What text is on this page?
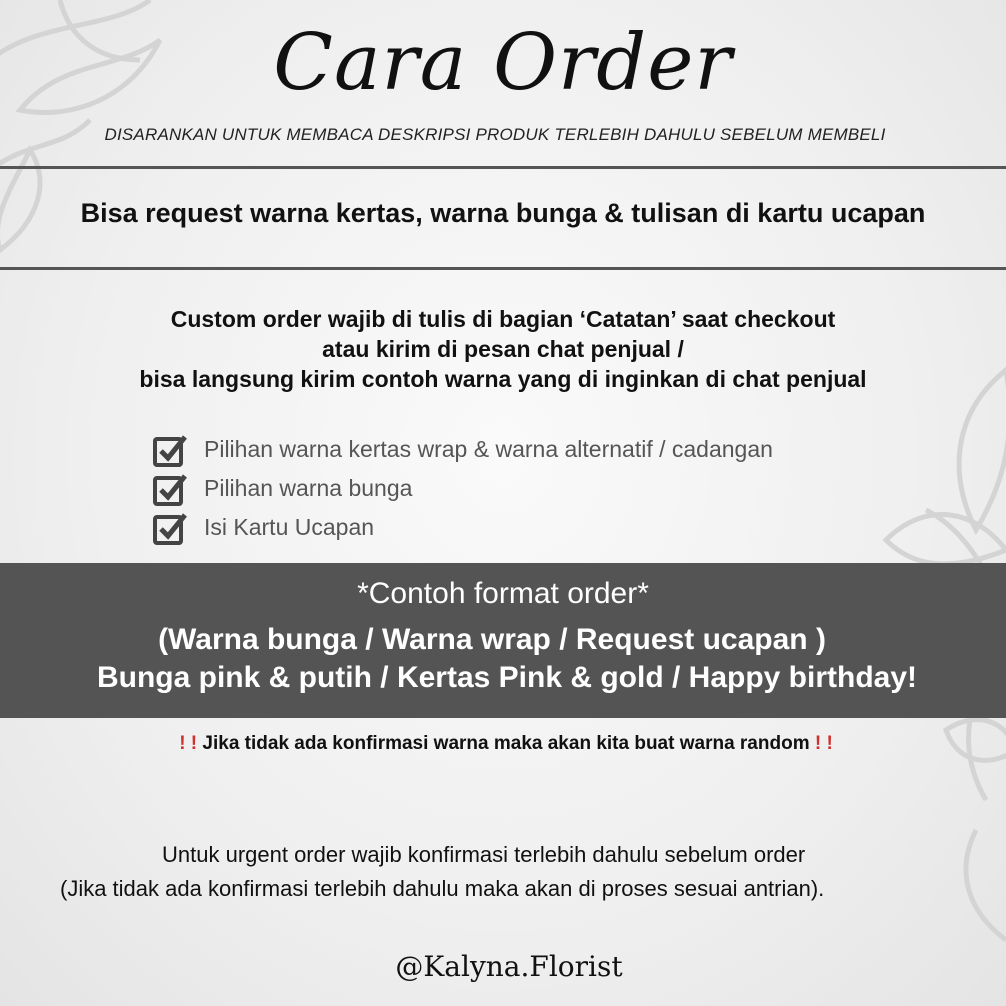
Cara Order
DISARANKAN UNTUK MEMBACA DESKRIPSI PRODUK TERLEBIH DAHULU SEBELUM MEMBELI
Bisa request warna kertas, warna bunga & tulisan di kartu ucapan
Custom order wajib di tulis di bagian ‘Catatan’ saat checkout
atau kirim di pesan chat penjual /
bisa langsung kirim contoh warna yang di inginkan di chat penjual
Pilihan warna kertas wrap & warna alternatif / cadangan
Pilihan warna bunga
Isi Kartu Ucapan
*Contoh format order*
(Warna bunga / Warna wrap / Request ucapan )
Bunga pink & putih / Kertas Pink & gold / Happy birthday!
! ! Jika tidak ada konfirmasi warna maka akan kita buat warna random ! !
Untuk urgent order wajib konfirmasi terlebih dahulu sebelum order
(Jika tidak ada konfirmasi terlebih dahulu maka akan di proses sesuai antrian).
@Kalyna.Florist
